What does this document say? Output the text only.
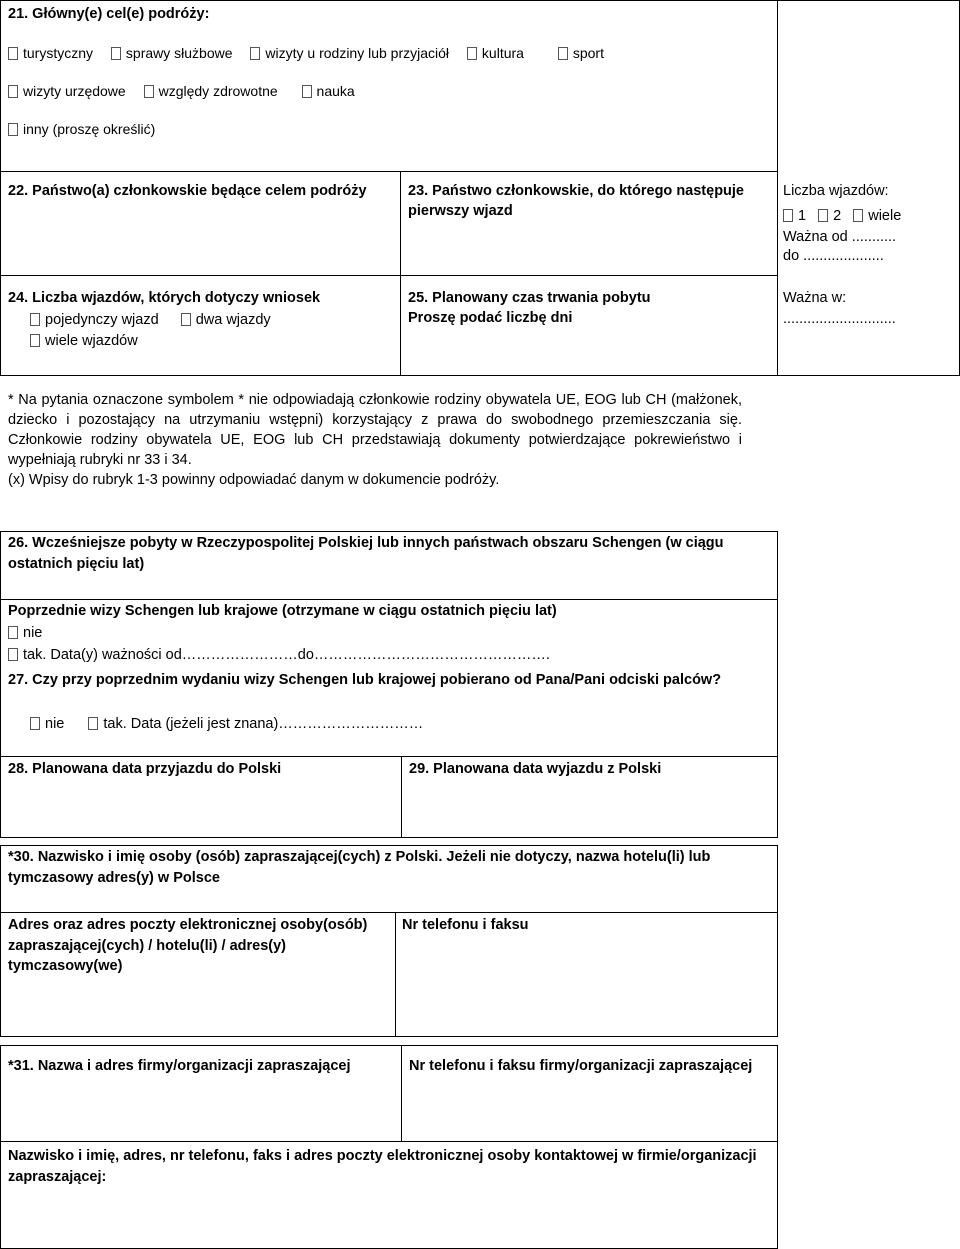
21. Główny(e) cel(e) podróży:
turystyczny sprawy służbowe wizyty u rodziny lub przyjaciół kultura	sport
wizyty urzędowe względy zdrowotne	nauka
inny (proszę określić)
22. Państwo(a) członkowskie będące celem podróży	23. Państwo członkowskie, do którego następuje
pierwszy wjazd
Liczba wjazdów:
1 2 wiele
Ważna od ...........
do ....................
Ważna w:
............................
24. Liczba wjazdów, których dotyczy wniosek
pojedynczy wjazd	dwa wjazdy
wiele wjazdów
25. Planowany czas trwania pobytu
Proszę podać liczbę dni

* Na pytania oznaczone symbolem * nie odpowiadają członkowie rodziny obywatela UE, EOG lub CH (małżonek, dziecko i pozostający na utrzymaniu wstępni) korzystający z prawa do swobodnego przemieszczania się. Członkowie rodziny obywatela UE, EOG lub CH przedstawiają dokumenty potwierdzające pokrewieństwo i wypełniają rubryki nr 33 i 34.

(x) Wpisy do rubryk 1-3 powinny odpowiadać danym w dokumencie podróży.

26. Wcześniejsze pobyty w Rzeczypospolitej Polskiej lub innych państwach obszaru Schengen (w ciągu ostatnich pięciu lat)
Poprzednie wizy Schengen lub krajowe (otrzymane w ciągu ostatnich pięciu lat)
nie
tak. Data(y) ważności od……………………do………………………………………….
27. Czy przy poprzednim wydaniu wizy Schengen lub krajowej pobierano od Pana/Pani odciski palców?
nie	tak. Data (jeżeli jest znana)…………………………
28. Planowana data przyjazdu do Polski	29. Planowana data wyjazdu z Polski
*30. Nazwisko i imię osoby (osób) zapraszającej(cych) z Polski. Jeżeli nie dotyczy, nazwa hotelu(li) lub tymczasowy adres(y) w Polsce
Adres oraz adres poczty elektronicznej osoby(osób) zapraszającej(cych) / hotelu(li) / adres(y) tymczasowy(we)
Nr telefonu i faksu
*31. Nazwa i adres firmy/organizacji zapraszającej	Nr telefonu i faksu firmy/organizacji zapraszającej
Nazwisko i imię, adres, nr telefonu, faks i adres poczty elektronicznej osoby kontaktowej w firmie/organizacji zapraszającej:
